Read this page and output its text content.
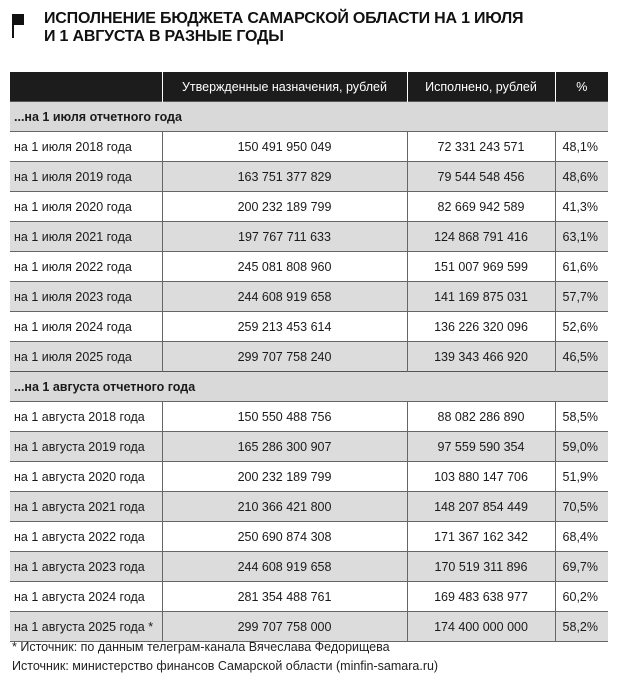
ИСПОЛНЕНИЕ БЮДЖЕТА САМАРСКОЙ ОБЛАСТИ НА 1 ИЮЛЯ
И 1 АВГУСТА В РАЗНЫЕ ГОДЫ
	Утвержденные назначения, рублей	Исполнено, рублей	%
...на 1 июля отчетного года			
на 1 июля 2018 года	150 491 950 049	72 331 243 571	48,1%
на 1 июля 2019 года	163 751 377 829	79 544 548 456	48,6%
на 1 июля 2020 года	200 232 189 799	82 669 942 589	41,3%
на 1 июля 2021 года	197 767 711 633	124 868 791 416	63,1%
на 1 июля 2022 года	245 081 808 960	151 007 969 599	61,6%
на 1 июля 2023 года	244 608 919 658	141 169 875 031	57,7%
на 1 июля 2024 года	259 213 453 614	136 226 320 096	52,6%
на 1 июля 2025 года	299 707 758 240	139 343 466 920	46,5%
...на 1 августа отчетного года			
на 1 августа 2018 года	150 550 488 756	88 082 286 890	58,5%
на 1 августа 2019 года	165 286 300 907	97 559 590 354	59,0%
на 1 августа 2020 года	200 232 189 799	103 880 147 706	51,9%
на 1 августа 2021 года	210 366 421 800	148 207 854 449	70,5%
на 1 августа 2022 года	250 690 874 308	171 367 162 342	68,4%
на 1 августа 2023 года	244 608 919 658	170 519 311 896	69,7%
на 1 августа 2024 года	281 354 488 761	169 483 638 977	60,2%
на 1 августа 2025 года *	299 707 758 000	174 400 000 000	58,2%
* Источник: по данным телеграм-канала Вячеслава Федорищева
Источник: министерство финансов Самарской области (minfin-samara.ru)
